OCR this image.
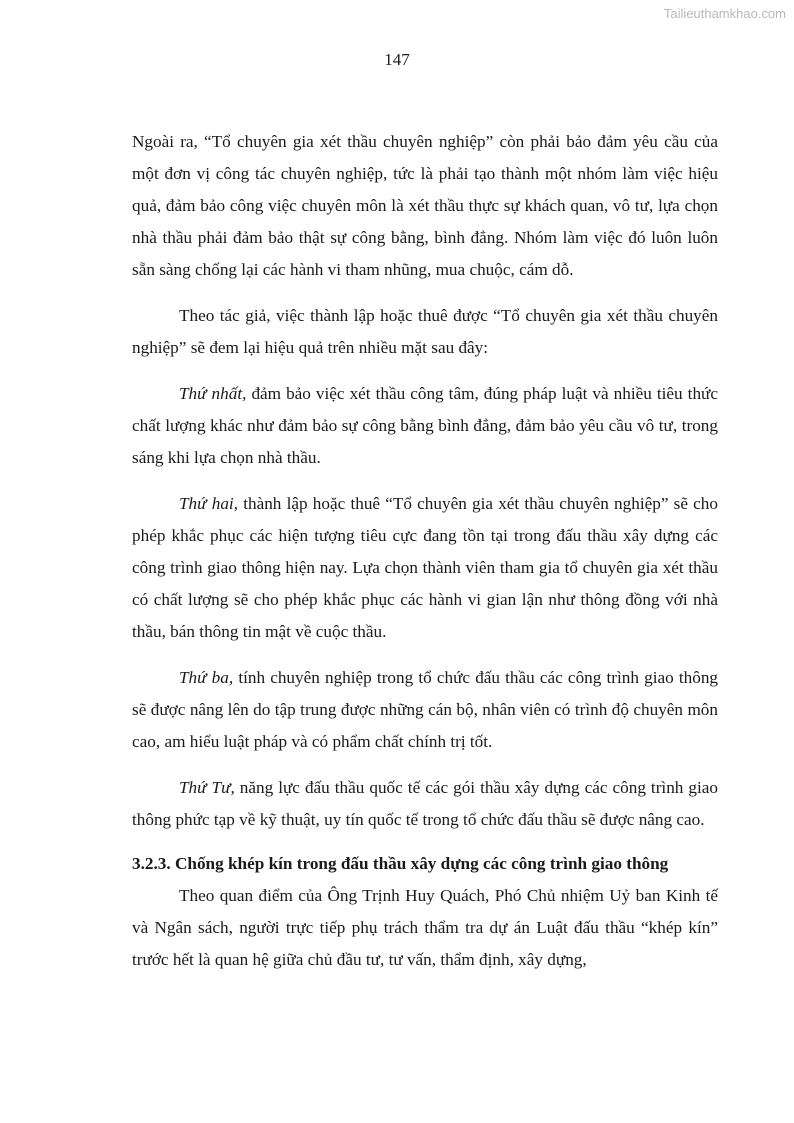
Tailieuthamkhao.com
147

Ngoài ra, “Tổ chuyên gia xét thầu chuyên nghiệp” còn phải bảo đảm yêu cầu của một đơn vị công tác chuyên nghiệp, tức là phải tạo thành một nhóm làm việc hiệu quả, đảm bảo công việc chuyên môn là xét thầu thực sự khách quan, vô tư, lựa chọn nhà thầu phải đảm bảo thật sự công bằng, bình đẳng. Nhóm làm việc đó luôn luôn sẵn sàng chống lại các hành vi tham nhũng, mua chuộc, cám dỗ.

Theo tác giả, việc thành lập hoặc thuê được “Tổ chuyên gia xét thầu chuyên nghiệp” sẽ đem lại hiệu quả trên nhiều mặt sau đây:

Thứ nhất, đảm bảo việc xét thầu công tâm, đúng pháp luật và nhiều tiêu thức chất lượng khác như đảm bảo sự công bằng bình đẳng, đảm bảo yêu cầu vô tư, trong sáng khi lựa chọn nhà thầu.

Thứ hai, thành lập hoặc thuê “Tổ chuyên gia xét thầu chuyên nghiệp” sẽ cho phép khắc phục các hiện tượng tiêu cực đang tồn tại trong đấu thầu xây dựng các công trình giao thông hiện nay. Lựa chọn thành viên tham gia tổ chuyên gia xét thầu có chất lượng sẽ cho phép khắc phục các hành vi gian lận như thông đồng với nhà thầu, bán thông tin mật về cuộc thầu.

Thứ ba, tính chuyên nghiệp trong tổ chức đấu thầu các công trình giao thông sẽ được nâng lên do tập trung được những cán bộ, nhân viên có trình độ chuyên môn cao, am hiểu luật pháp và có phẩm chất chính trị tốt.

Thứ Tư, năng lực đấu thầu quốc tế các gói thầu xây dựng các công trình giao thông phức tạp về kỹ thuật, uy tín quốc tế trong tổ chức đấu thầu sẽ được nâng cao.

3.2.3. Chống khép kín trong đấu thầu xây dựng các công trình giao thông

Theo quan điểm của Ông Trịnh Huy Quách, Phó Chủ nhiệm Uỷ ban Kinh tế và Ngân sách, người trực tiếp phụ trách thẩm tra dự án Luật đấu thầu “khép kín” trước hết là quan hệ giữa chủ đầu tư, tư vấn, thẩm định, xây dựng,
